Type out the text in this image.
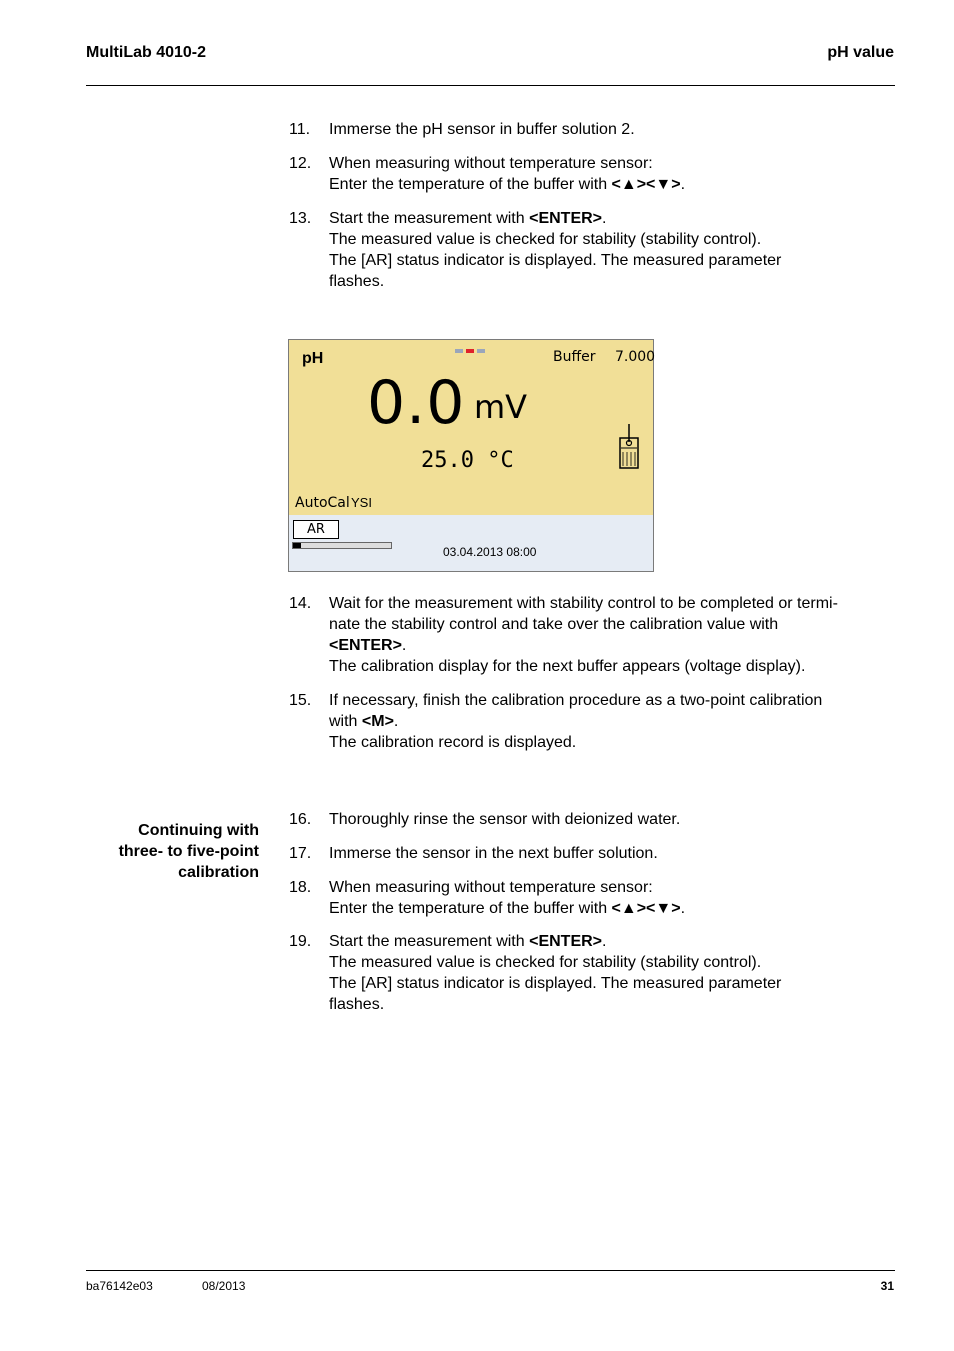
MultiLab 4010-2	pH value
11. Immerse the pH sensor in buffer solution 2.
12. When measuring without temperature sensor:
Enter the temperature of the buffer with <▲><▼>.
13. Start the measurement with <ENTER>.
The measured value is checked for stability (stability control).
The [AR] status indicator is displayed. The measured parameter
flashes.
pH	Buffer 7.000
0.0 mV
25.0 °C
AutoCal YSI
AR
03.04.2013 08:00
14. Wait for the measurement with stability control to be completed or termi-
nate the stability control and take over the calibration value with
<ENTER>.
The calibration display for the next buffer appears (voltage display).
15. If necessary, finish the calibration procedure as a two-point calibration
with <M>.
The calibration record is displayed.
Continuing with
three- to five-point
calibration
16. Thoroughly rinse the sensor with deionized water.
17. Immerse the sensor in the next buffer solution.
18. When measuring without temperature sensor:
Enter the temperature of the buffer with <▲><▼>.
19. Start the measurement with <ENTER>.
The measured value is checked for stability (stability control).
The [AR] status indicator is displayed. The measured parameter
flashes.
ba76142e03	08/2013	31
